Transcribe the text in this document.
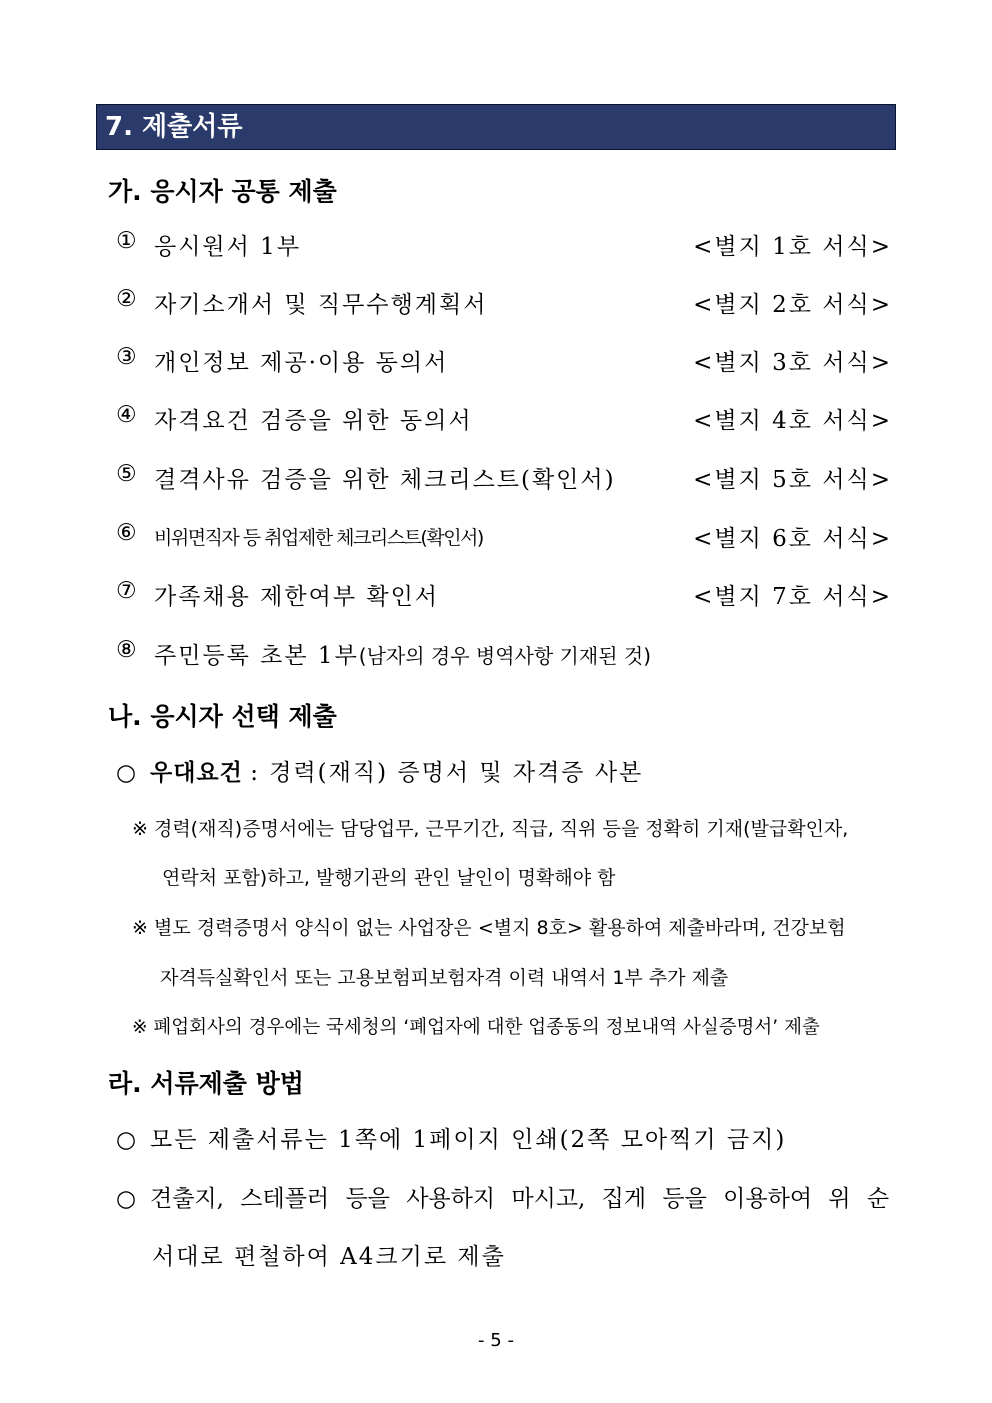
7. 제출서류
가. 응시자 공통 제출
① 응시원서 1부	<별지 1호 서식>
② 자기소개서 및 직무수행계획서	<별지 2호 서식>
③ 개인정보 제공·이용 동의서	<별지 3호 서식>
④ 자격요건 검증을 위한 동의서	<별지 4호 서식>
⑤ 결격사유 검증을 위한 체크리스트(확인서)	<별지 5호 서식>
⑥ 비위면직자 등 취업제한 체크리스트(확인서)	<별지 6호 서식>
⑦ 가족채용 제한여부 확인서	<별지 7호 서식>
⑧ 주민등록 초본 1부(남자의 경우 병역사항 기재된 것)
나. 응시자 선택 제출
○ 우대요건 : 경력(재직) 증명서 및 자격증 사본
※ 경력(재직)증명서에는 담당업무, 근무기간, 직급, 직위 등을 정확히 기재(발급확인자,
연락처 포함)하고, 발행기관의 관인 날인이 명확해야 함
※ 별도 경력증명서 양식이 없는 사업장은 <별지 8호> 활용하여 제출바라며, 건강보험
자격득실확인서 또는 고용보험피보험자격 이력 내역서 1부 추가 제출
※ 폐업회사의 경우에는 국세청의 ‘폐업자에 대한 업종동의 정보내역 사실증명서’ 제출
라. 서류제출 방법
○ 모든 제출서류는 1쪽에 1페이지 인쇄(2쪽 모아찍기 금지)
○ 견출지, 스테플러 등을 사용하지 마시고, 집게 등을 이용하여 위 순
서대로 편철하여 A4크기로 제출
- 5 -
